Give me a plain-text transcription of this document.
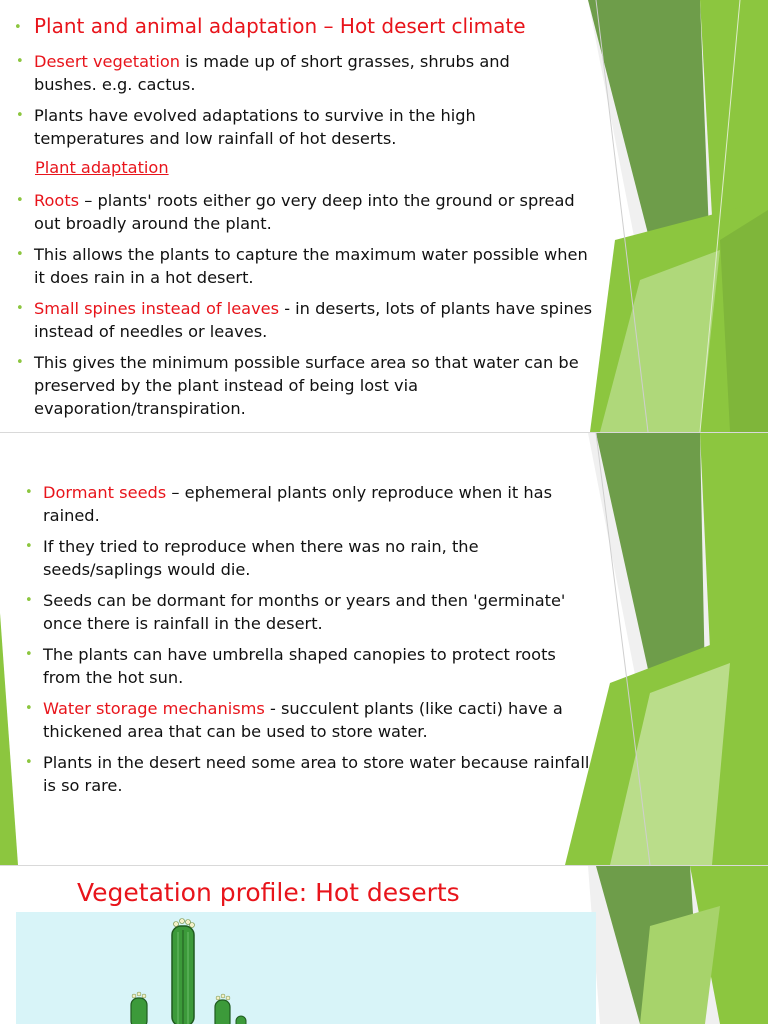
• Plant and animal adaptation – Hot desert climate
• Desert vegetation is made up of short grasses, shrubs and bushes. e.g. cactus.
• Plants have evolved adaptations to survive in the high temperatures and low rainfall of hot deserts.
Plant adaptation
• Roots – plants' roots either go very deep into the ground or spread out broadly around the plant.
• This allows the plants to capture the maximum water possible when it does rain in a hot desert.
• Small spines instead of leaves - in deserts, lots of plants have spines instead of needles or leaves.
• This gives the minimum possible surface area so that water can be preserved by the plant instead of being lost via evaporation/transpiration.
• Dormant seeds – ephemeral plants only reproduce when it has rained.
• If they tried to reproduce when there was no rain, the seeds/saplings would die.
• Seeds can be dormant for months or years and then 'germinate' once there is rainfall in the desert.
• The plants can have umbrella shaped canopies to protect roots from the hot sun.
• Water storage mechanisms - succulent plants (like cacti) have a thickened area that can be used to store water.
• Plants in the desert need some area to store water because rainfall is so rare.
Vegetation profile: Hot deserts
